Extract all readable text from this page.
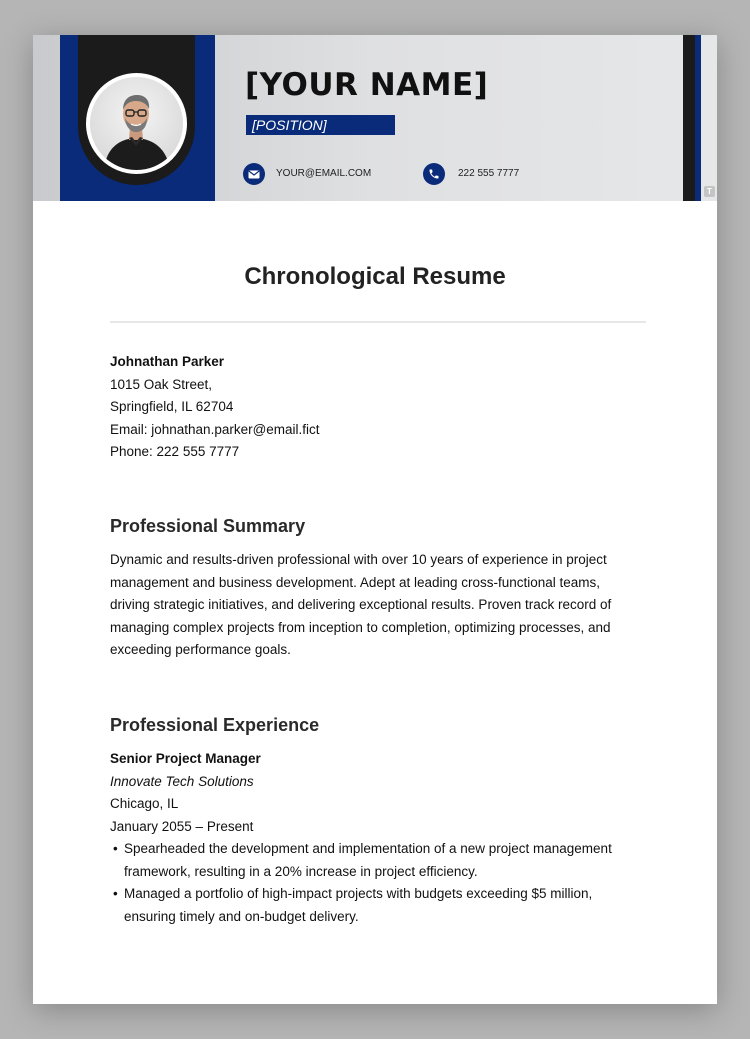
[YOUR NAME]
[POSITION]
YOUR@EMAIL.COM	222 555 7777
T
Chronological Resume
Johnathan Parker
1015 Oak Street,
Springfield, IL 62704
Email: johnathan.parker@email.fict
Phone: 222 555 7777
Professional Summary
Dynamic and results-driven professional with over 10 years of experience in project
management and business development. Adept at leading cross-functional teams,
driving strategic initiatives, and delivering exceptional results. Proven track record of
managing complex projects from inception to completion, optimizing processes, and
exceeding performance goals.
Professional Experience
Senior Project Manager
Innovate Tech Solutions
Chicago, IL
January 2055 – Present
• Spearheaded the development and implementation of a new project management
framework, resulting in a 20% increase in project efficiency.
• Managed a portfolio of high-impact projects with budgets exceeding $5 million,
ensuring timely and on-budget delivery.
